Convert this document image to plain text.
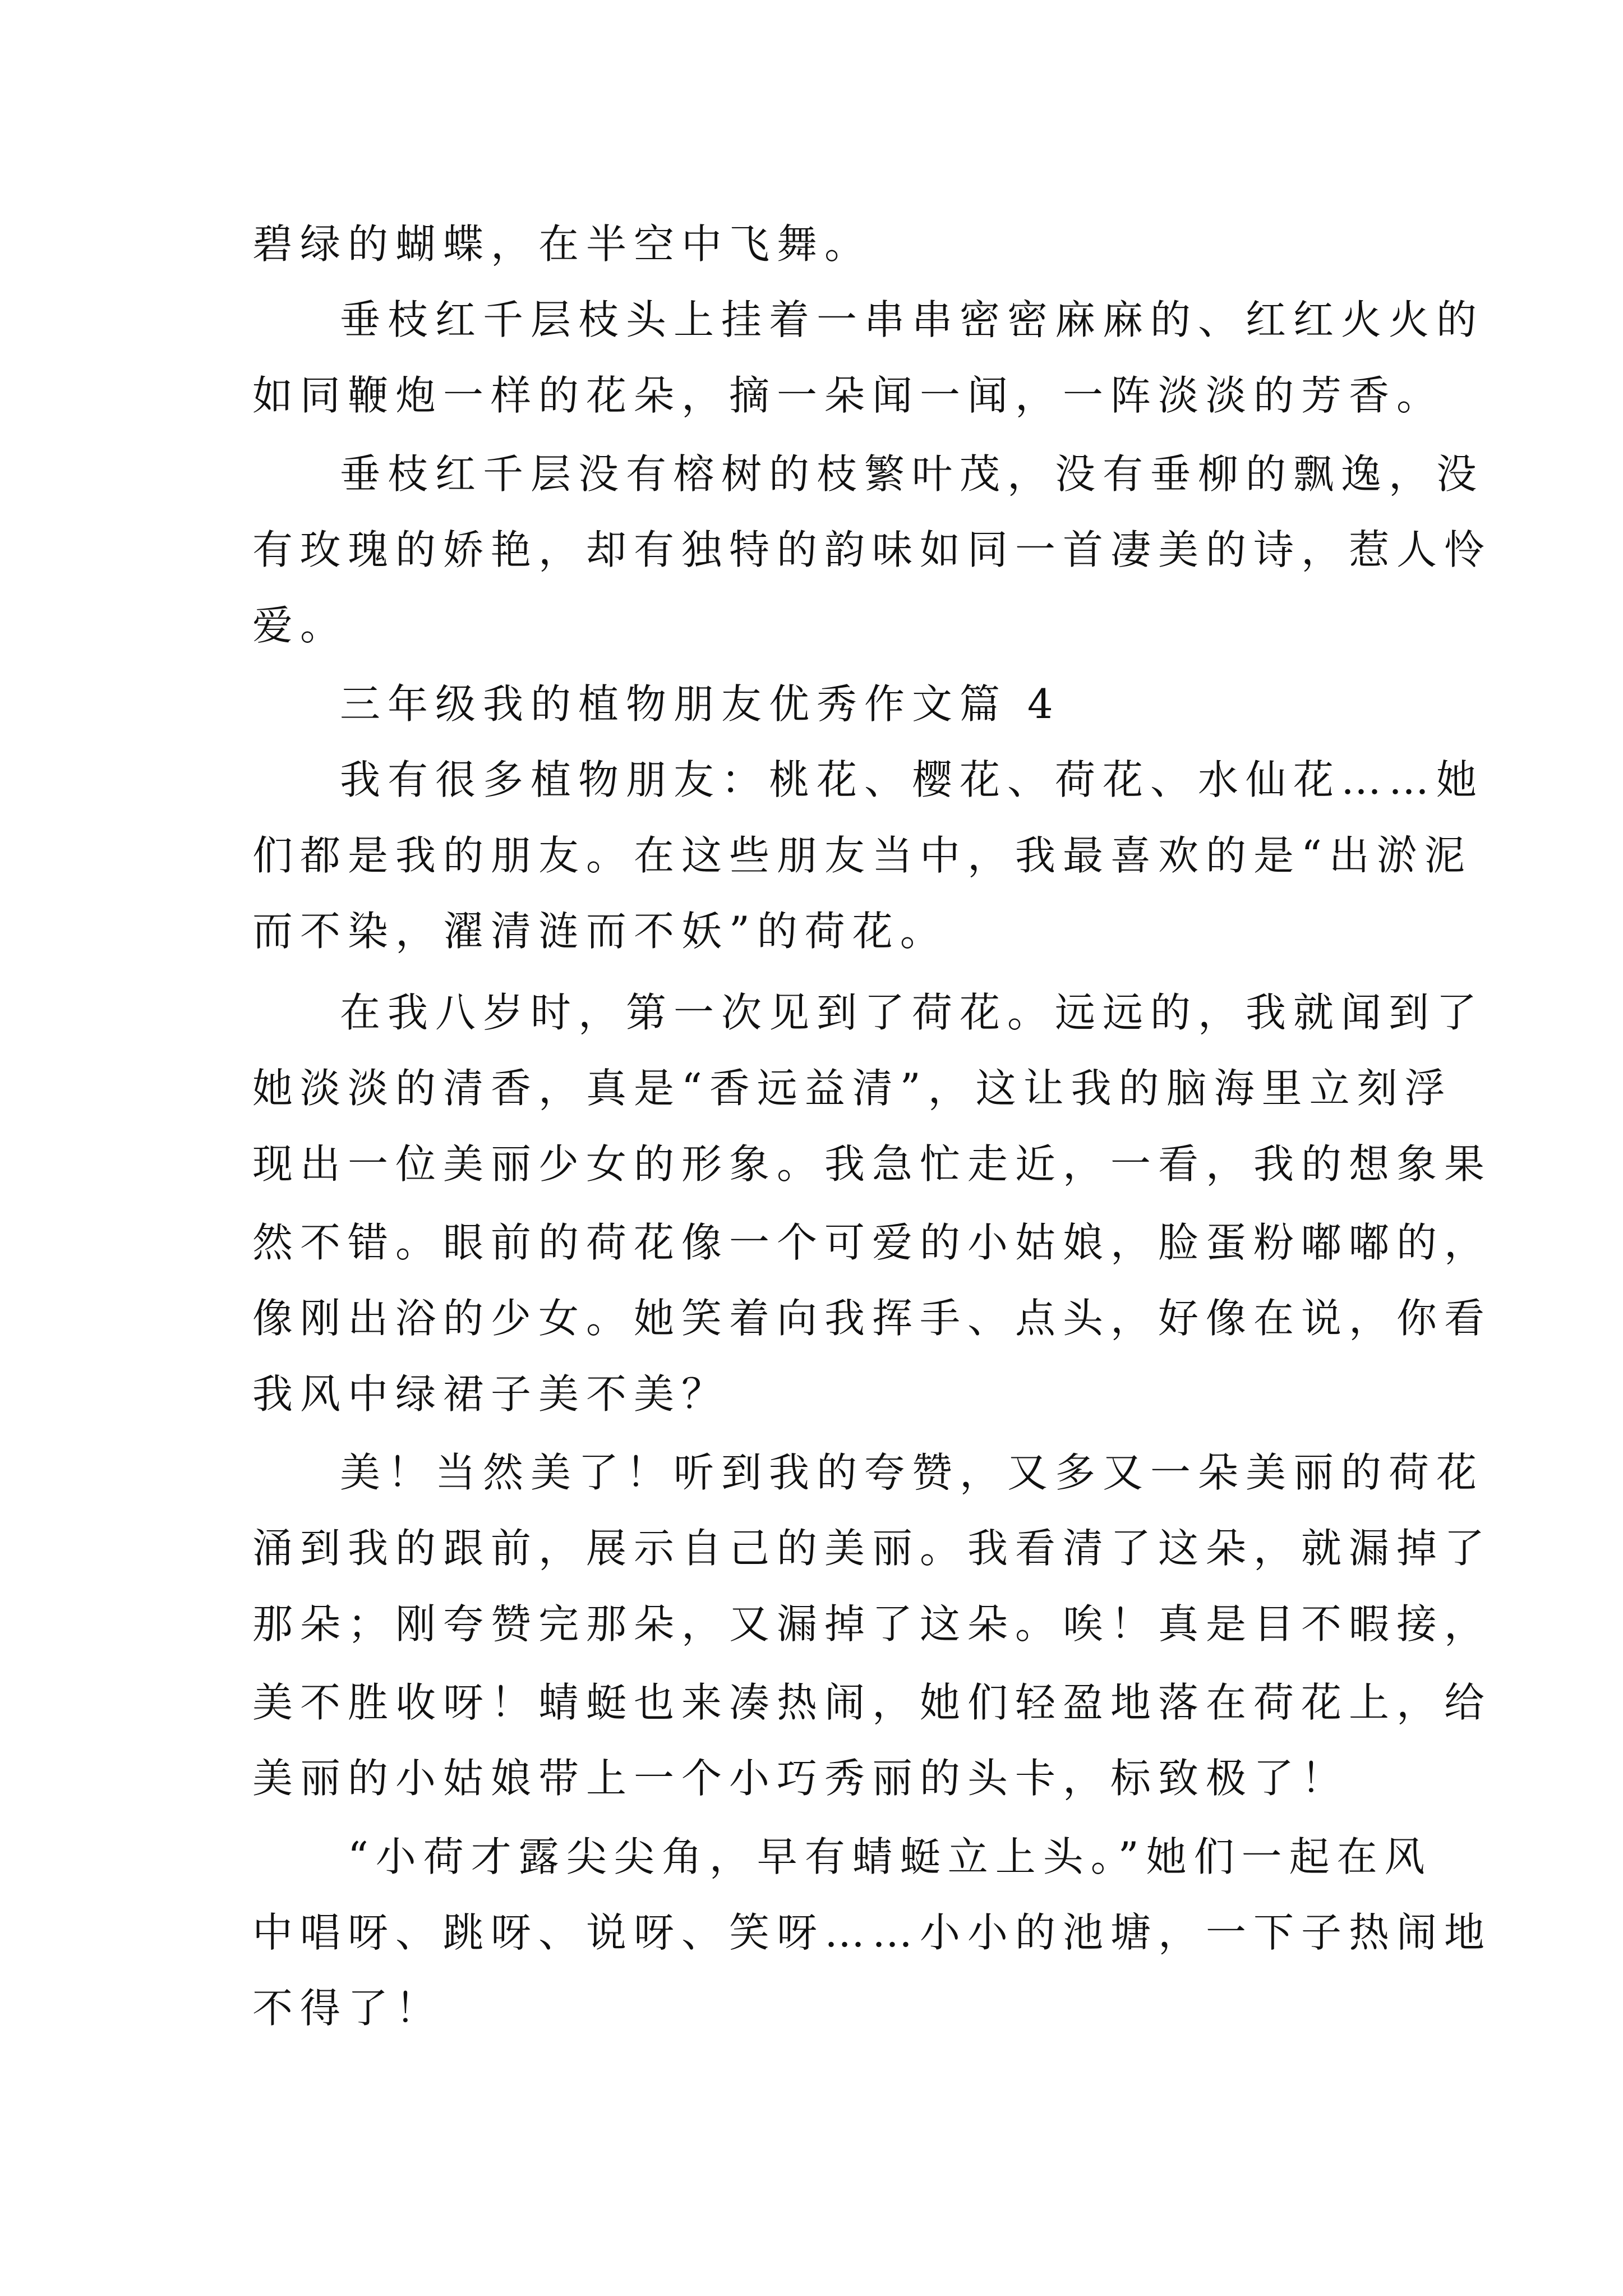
碧绿的蝴蝶，在半空中飞舞。

垂枝红千层枝头上挂着一串串密密麻麻的、红红火火的

如同鞭炮一样的花朵，摘一朵闻一闻，一阵淡淡的芳香。

垂枝红千层没有榕树的枝繁叶茂，没有垂柳的飘逸，没

有玫瑰的娇艳，却有独特的韵味如同一首凄美的诗，惹人怜

爱。

三年级我的植物朋友优秀作文篇 4

我有很多植物朋友：桃花、樱花、荷花、水仙花……她

们都是我的朋友。在这些朋友当中，我最喜欢的是“出淤泥

而不染，濯清涟而不妖”的荷花。

在我八岁时，第一次见到了荷花。远远的，我就闻到了

她淡淡的清香，真是“香远益清”，这让我的脑海里立刻浮

现出一位美丽少女的形象。我急忙走近，一看，我的想象果

然不错。眼前的荷花像一个可爱的小姑娘，脸蛋粉嘟嘟的，

像刚出浴的少女。她笑着向我挥手、点头，好像在说，你看

我风中绿裙子美不美？

美！当然美了！听到我的夸赞，又多又一朵美丽的荷花

涌到我的跟前，展示自己的美丽。我看清了这朵，就漏掉了

那朵；刚夸赞完那朵，又漏掉了这朵。唉！真是目不暇接，

美不胜收呀！蜻蜓也来凑热闹，她们轻盈地落在荷花上，给

美丽的小姑娘带上一个小巧秀丽的头卡，标致极了！

“小荷才露尖尖角，早有蜻蜓立上头。”她们一起在风

中唱呀、跳呀、说呀、笑呀……小小的池塘，一下子热闹地

不得了！
